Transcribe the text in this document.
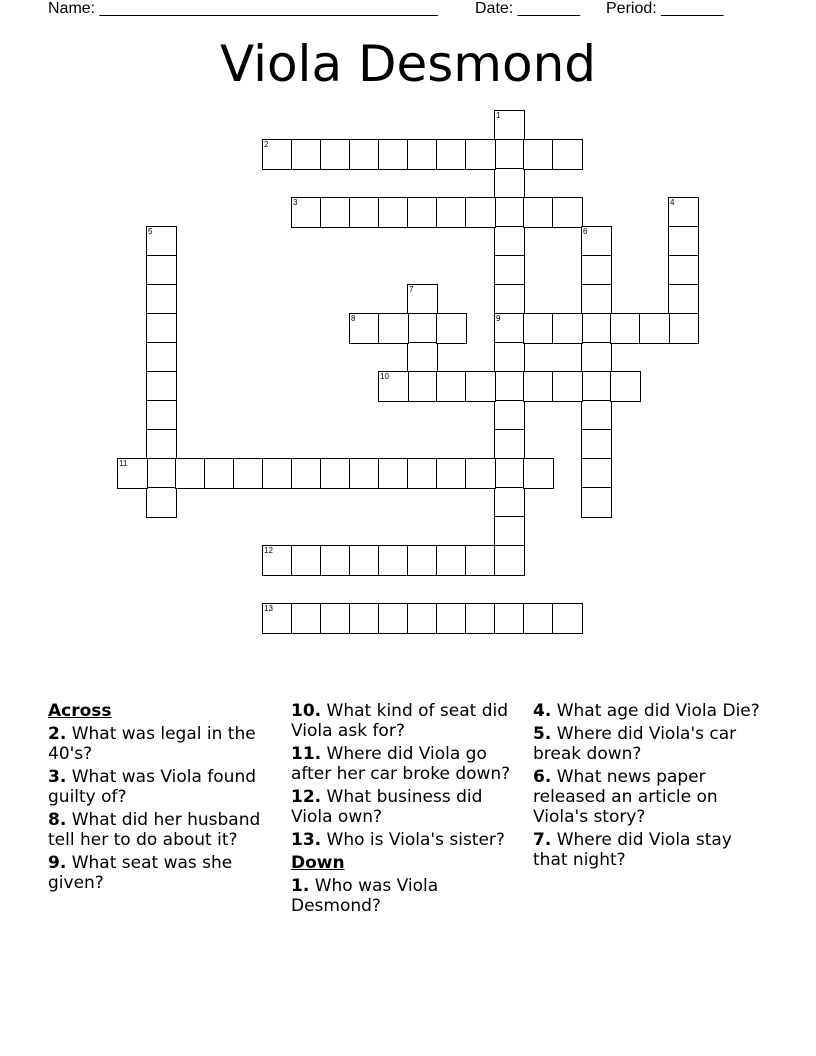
Name: ______________________________________ Date: _______ Period: _______
Viola Desmond
1
9
2
3	4
5	6
7
8
10
11
12
13
Across
2. What was legal in the 40's?
3. What was Viola found guilty of?
8. What did her husband tell her to do about it?
9. What seat was she given?
10. What kind of seat did Viola ask for?
11. Where did Viola go after her car broke down?
12. What business did Viola own?
13. Who is Viola's sister?
Down
1. Who was Viola Desmond?
4. What age did Viola Die?
5. Where did Viola's car break down?
6. What news paper released an article on Viola's story?
7. Where did Viola stay that night?
